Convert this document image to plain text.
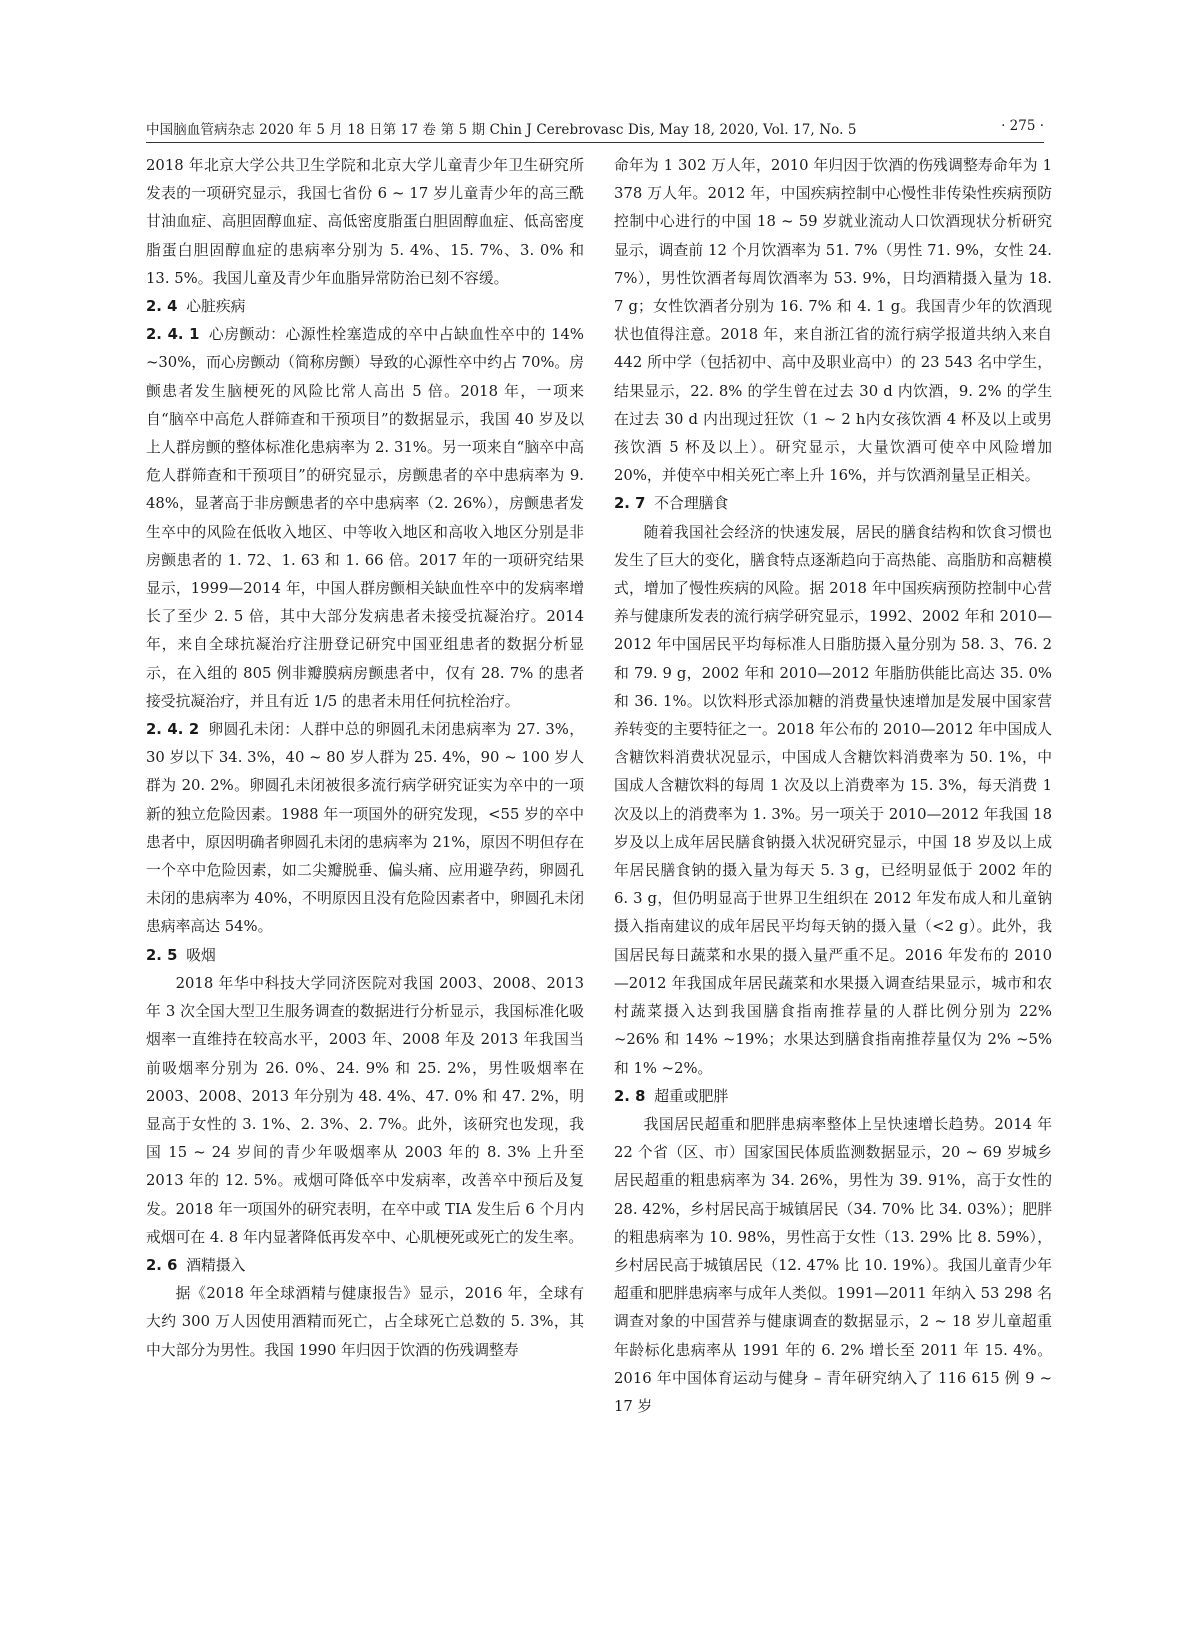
中国脑血管病杂志 2020 年 5 月 18 日第 17 卷 第 5 期 Chin J Cerebrovasc Dis, May 18, 2020, Vol. 17, No. 5	· 275 ·

2018 年北京大学公共卫生学院和北京大学儿童青少年卫生研究所发表的一项研究显示，我国七省份 6 ~ 17 岁儿童青少年的高三酰甘油血症、高胆固醇血症、高低密度脂蛋白胆固醇血症、低高密度脂蛋白胆固醇血症的患病率分别为 5. 4%、15. 7%、3. 0% 和 13. 5%。我国儿童及青少年血脂异常防治已刻不容缓。

2. 4 心脏疾病

2. 4. 1 心房颤动：心源性栓塞造成的卒中占缺血性卒中的 14% ~30%，而心房颤动（简称房颤）导致的心源性卒中约占 70%。房颤患者发生脑梗死的风险比常人高出 5 倍。2018 年，一项来自“脑卒中高危人群筛查和干预项目”的数据显示，我国 40 岁及以上人群房颤的整体标准化患病率为 2. 31%。另一项来自“脑卒中高危人群筛查和干预项目”的研究显示，房颤患者的卒中患病率为 9. 48%，显著高于非房颤患者的卒中患病率（2. 26%），房颤患者发生卒中的风险在低收入地区、中等收入地区和高收入地区分别是非房颤患者的 1. 72、1. 63 和 1. 66 倍。2017 年的一项研究结果显示，1999—2014 年，中国人群房颤相关缺血性卒中的发病率增长了至少 2. 5 倍，其中大部分发病患者未接受抗凝治疗。2014 年，来自全球抗凝治疗注册登记研究中国亚组患者的数据分析显示，在入组的 805 例非瓣膜病房颤患者中，仅有 28. 7% 的患者接受抗凝治疗，并且有近 1/5 的患者未用任何抗栓治疗。

2. 4. 2 卵圆孔未闭：人群中总的卵圆孔未闭患病率为 27. 3%，30 岁以下 34. 3%，40 ~ 80 岁人群为 25. 4%，90 ~ 100 岁人群为 20. 2%。卵圆孔未闭被很多流行病学研究证实为卒中的一项新的独立危险因素。1988 年一项国外的研究发现，<55 岁的卒中患者中，原因明确者卵圆孔未闭的患病率为 21%，原因不明但存在一个卒中危险因素，如二尖瓣脱垂、偏头痛、应用避孕药，卵圆孔未闭的患病率为 40%，不明原因且没有危险因素者中，卵圆孔未闭患病率高达 54%。

2. 5 吸烟

2018 年华中科技大学同济医院对我国 2003、2008、2013 年 3 次全国大型卫生服务调查的数据进行分析显示，我国标准化吸烟率一直维持在较高水平，2003 年、2008 年及 2013 年我国当前吸烟率分别为 26. 0%、24. 9% 和 25. 2%，男性吸烟率在 2003、2008、2013 年分别为 48. 4%、47. 0% 和 47. 2%，明显高于女性的 3. 1%、2. 3%、2. 7%。此外，该研究也发现，我国 15 ~ 24 岁间的青少年吸烟率从 2003 年的 8. 3% 上升至 2013 年的 12. 5%。戒烟可降低卒中发病率，改善卒中预后及复发。2018 年一项国外的研究表明，在卒中或 TIA 发生后 6 个月内戒烟可在 4. 8 年内显著降低再发卒中、心肌梗死或死亡的发生率。

2. 6 酒精摄入

据《2018 年全球酒精与健康报告》显示，2016 年，全球有大约 300 万人因使用酒精而死亡，占全球死亡总数的 5. 3%，其中大部分为男性。我国 1990 年归因于饮酒的伤残调整寿

命年为 1 302 万人年，2010 年归因于饮酒的伤残调整寿命年为 1 378 万人年。2012 年，中国疾病控制中心慢性非传染性疾病预防控制中心进行的中国 18 ~ 59 岁就业流动人口饮酒现状分析研究显示，调查前 12 个月饮酒率为 51. 7%（男性 71. 9%，女性 24. 7%），男性饮酒者每周饮酒率为 53. 9%，日均酒精摄入量为 18. 7 g；女性饮酒者分别为 16. 7% 和 4. 1 g。我国青少年的饮酒现状也值得注意。2018 年，来自浙江省的流行病学报道共纳入来自 442 所中学（包括初中、高中及职业高中）的 23 543 名中学生，结果显示，22. 8% 的学生曾在过去 30 d 内饮酒，9. 2% 的学生在过去 30 d 内出现过狂饮（1 ~ 2 h内女孩饮酒 4 杯及以上或男孩饮酒 5 杯及以上）。研究显示，大量饮酒可使卒中风险增加 20%，并使卒中相关死亡率上升 16%，并与饮酒剂量呈正相关。

2. 7 不合理膳食

随着我国社会经济的快速发展，居民的膳食结构和饮食习惯也发生了巨大的变化，膳食特点逐渐趋向于高热能、高脂肪和高糖模式，增加了慢性疾病的风险。据 2018 年中国疾病预防控制中心营养与健康所发表的流行病学研究显示，1992、2002 年和 2010—2012 年中国居民平均每标准人日脂肪摄入量分别为 58. 3、76. 2 和 79. 9 g，2002 年和 2010—2012 年脂肪供能比高达 35. 0% 和 36. 1%。以饮料形式添加糖的消费量快速增加是发展中国家营养转变的主要特征之一。2018 年公布的 2010—2012 年中国成人含糖饮料消费状况显示，中国成人含糖饮料消费率为 50. 1%，中国成人含糖饮料的每周 1 次及以上消费率为 15. 3%，每天消费 1 次及以上的消费率为 1. 3%。另一项关于 2010—2012 年我国 18 岁及以上成年居民膳食钠摄入状况研究显示，中国 18 岁及以上成年居民膳食钠的摄入量为每天 5. 3 g，已经明显低于 2002 年的 6. 3 g，但仍明显高于世界卫生组织在 2012 年发布成人和儿童钠摄入指南建议的成年居民平均每天钠的摄入量（<2 g）。此外，我国居民每日蔬菜和水果的摄入量严重不足。2016 年发布的 2010—2012 年我国成年居民蔬菜和水果摄入调查结果显示，城市和农村蔬菜摄入达到我国膳食指南推荐量的人群比例分别为 22% ~26% 和 14% ~19%；水果达到膳食指南推荐量仅为 2% ~5% 和 1% ~2%。

2. 8 超重或肥胖

我国居民超重和肥胖患病率整体上呈快速增长趋势。2014 年 22 个省（区、市）国家国民体质监测数据显示，20 ~ 69 岁城乡居民超重的粗患病率为 34. 26%，男性为 39. 91%，高于女性的 28. 42%，乡村居民高于城镇居民（34. 70% 比 34. 03%）；肥胖的粗患病率为 10. 98%，男性高于女性（13. 29% 比 8. 59%），乡村居民高于城镇居民（12. 47% 比 10. 19%）。我国儿童青少年超重和肥胖患病率与成年人类似。1991—2011 年纳入 53 298 名调查对象的中国营养与健康调查的数据显示，2 ~ 18 岁儿童超重年龄标化患病率从 1991 年的 6. 2% 增长至 2011 年 15. 4%。2016 年中国体育运动与健身 – 青年研究纳入了 116 615 例 9 ~ 17 岁
